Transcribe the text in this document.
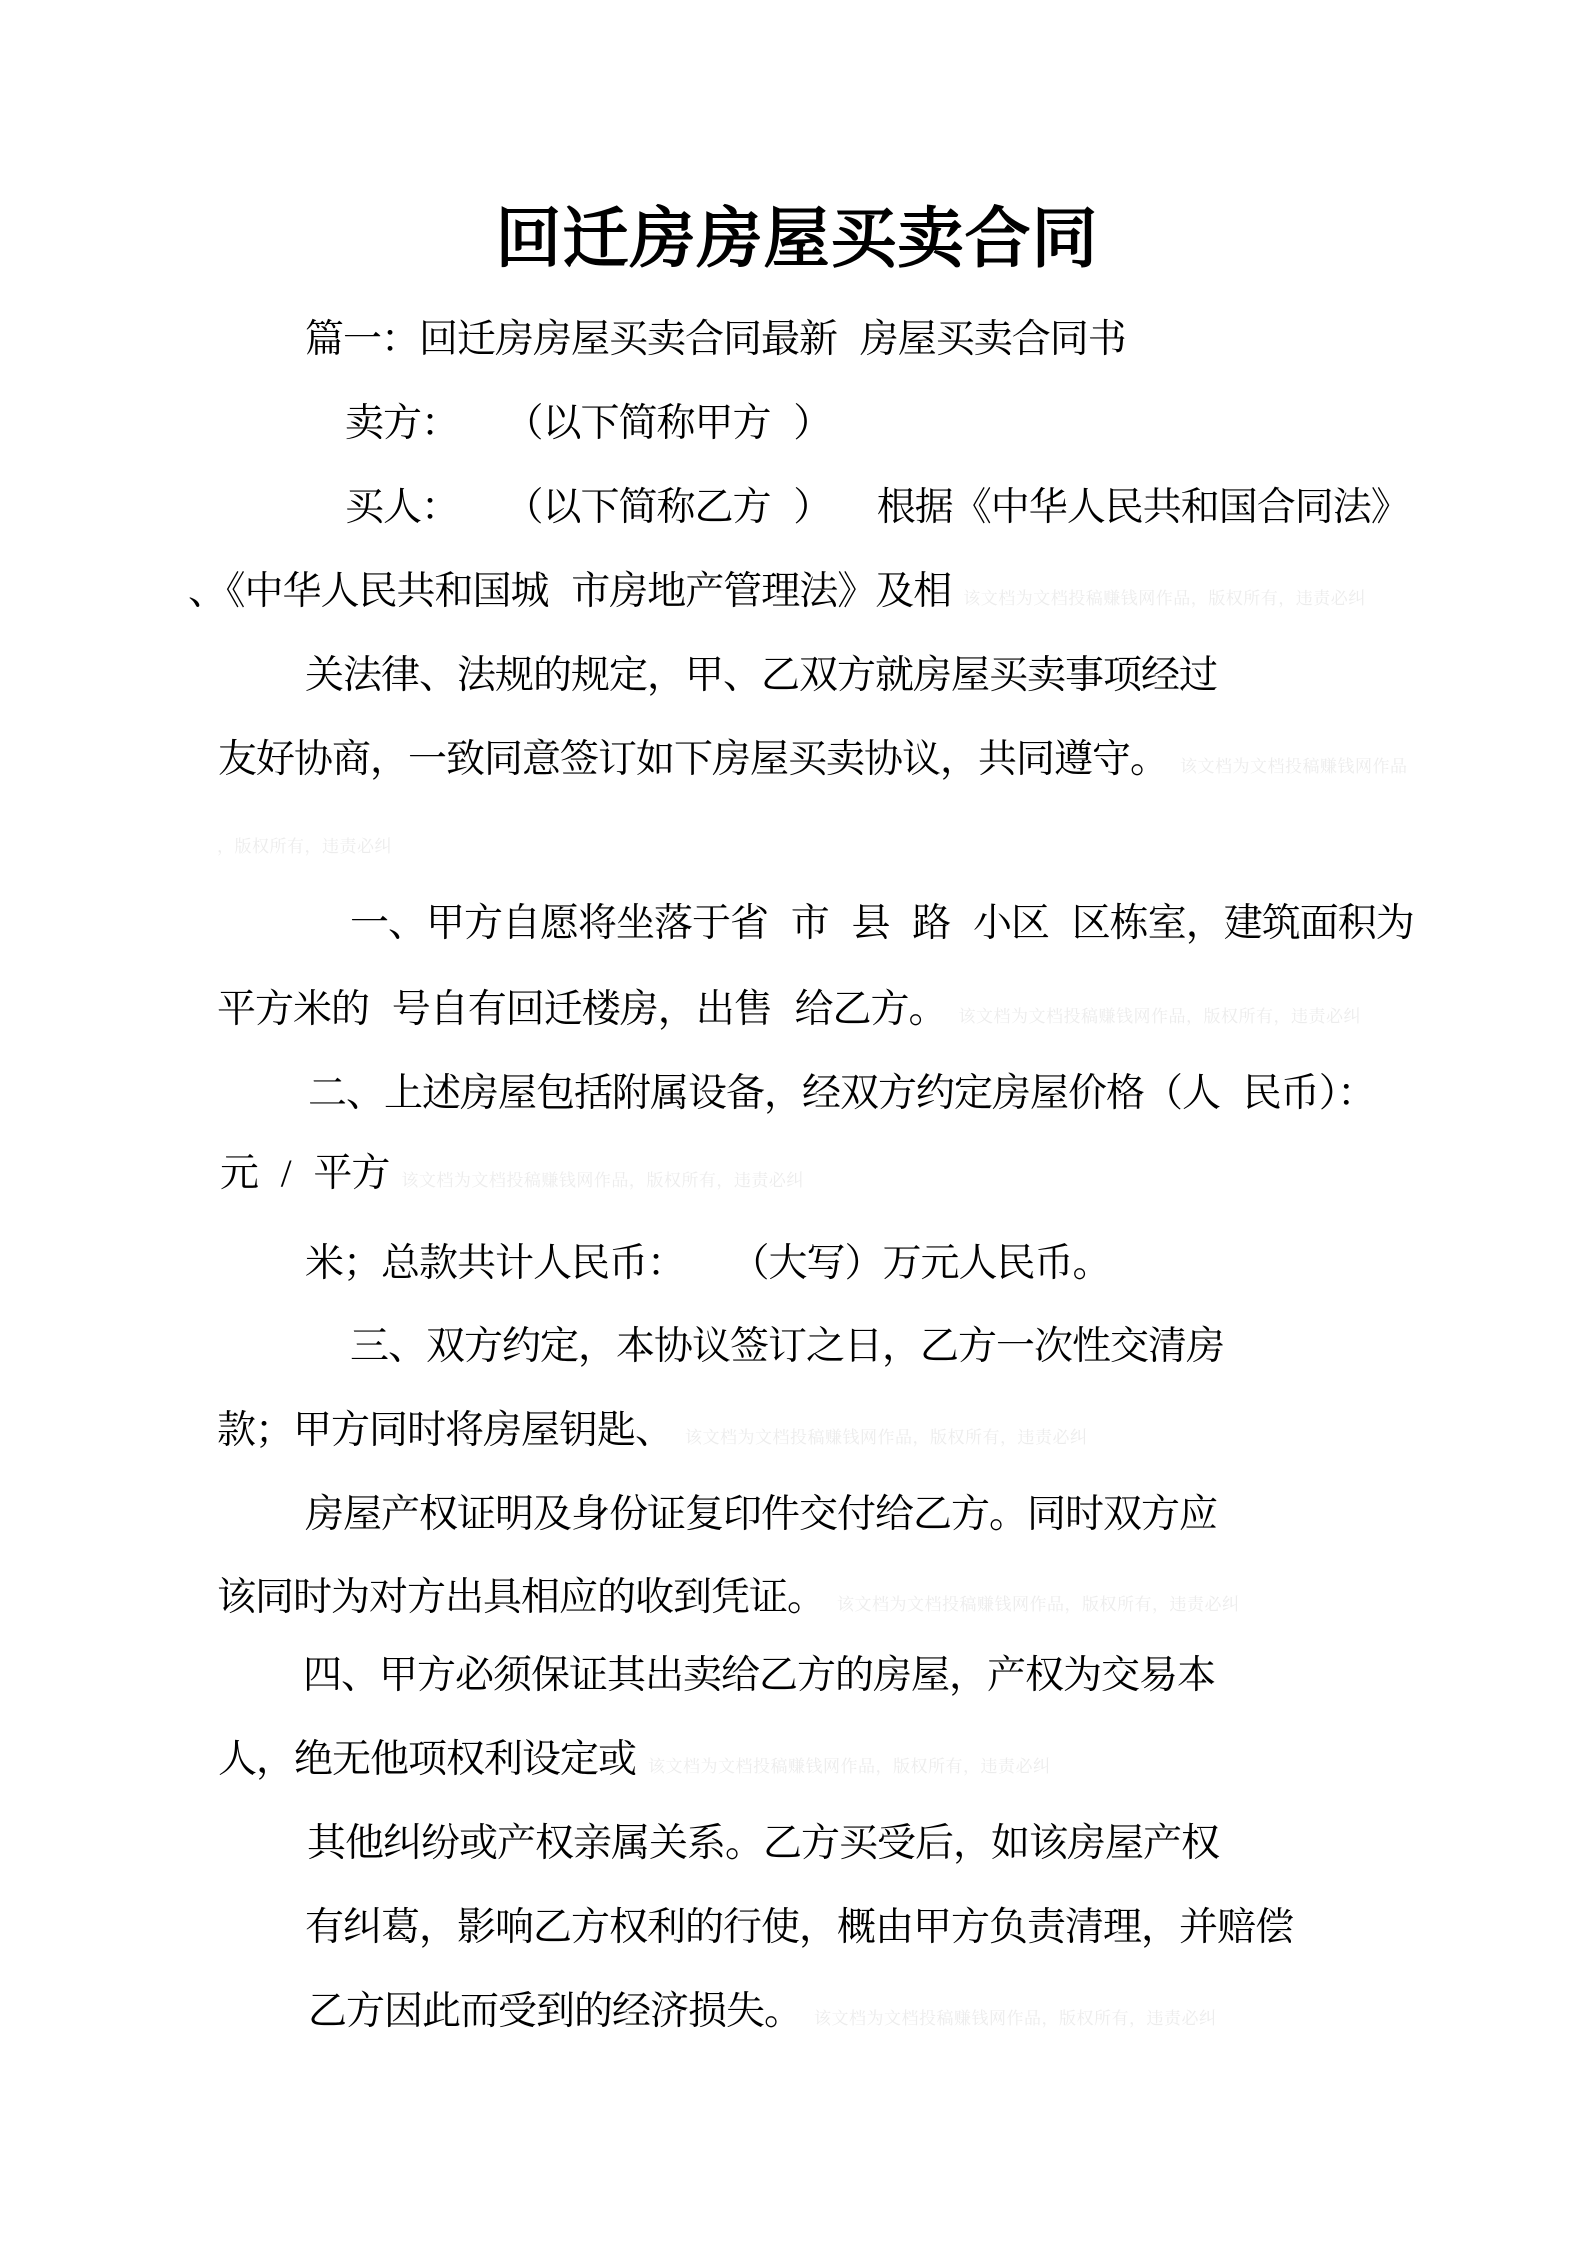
回迁房房屋买卖合同
篇一：回迁房房屋买卖合同最新 房屋买卖合同书
卖方：  （以下简称甲方 ）
买人：  （以下简称乙方 ）  根据《中华人民共和国合同法》
、《中华人民共和国城 市房地产管理法》及相 该文档为文档投稿赚钱网作品，版权所有，违责必纠
关法律、法规的规定，甲、乙双方就房屋买卖事项经过
友好协商，一致同意签订如下房屋买卖协议，共同遵守。 该文档为文档投稿赚钱网作品
，版权所有，违责必纠
一、甲方自愿将坐落于省 市 县 路 小区 区栋室，建筑面积为
平方米的 号自有回迁楼房，出售 给乙方。 该文档为文档投稿赚钱网作品，版权所有，违责必纠
二、上述房屋包括附属设备，经双方约定房屋价格（人 民币）：
元 / 平方 该文档为文档投稿赚钱网作品，版权所有，违责必纠
米；总款共计人民币：  （大写）万元人民币。
三、双方约定，本协议签订之日，乙方一次性交清房
款；甲方同时将房屋钥匙、 该文档为文档投稿赚钱网作品，版权所有，违责必纠
房屋产权证明及身份证复印件交付给乙方。同时双方应
该同时为对方出具相应的收到凭证。 该文档为文档投稿赚钱网作品，版权所有，违责必纠
四、甲方必须保证其出卖给乙方的房屋，产权为交易本
人，绝无他项权利设定或 该文档为文档投稿赚钱网作品，版权所有，违责必纠
其他纠纷或产权亲属关系。乙方买受后，如该房屋产权
有纠葛，影响乙方权利的行使，概由甲方负责清理，并赔偿
乙方因此而受到的经济损失。 该文档为文档投稿赚钱网作品，版权所有，违责必纠
